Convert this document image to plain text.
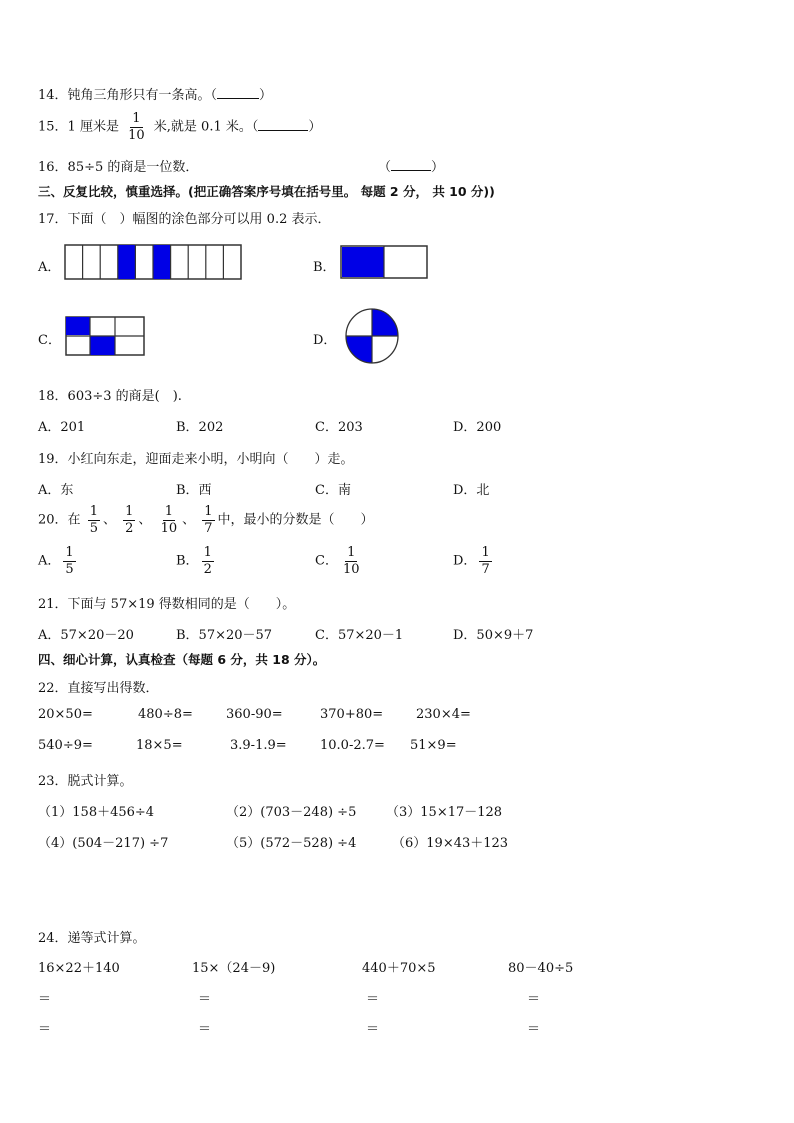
14．钝角三角形只有一条高。（	）
15．1 厘米是 $\frac{1}{10}$ 米,就是 0.1 米。（	）
16．85÷5 的商是一位数．	（	）
三、反复比较，慎重选择。(把正确答案序号填在括号里。 每题 2 分， 共 10 分))
17．下面（　）幅图的涂色部分可以用 0.2 表示．
A．	B．
C．	D．
18．603÷3 的商是(　).
A．201	B．202	C．203	D．200
19．小红向东走，迎面走来小明，小明向（　　）走。
A．东	B．西	C．南	D．北
20．在 $\frac{1}{5}$ 、 $\frac{1}{2}$ 、 $\frac{1}{10}$ 、 $\frac{1}{7}$ 中，最小的分数是（　　）
A． $\frac{1}{5}$	B． $\frac{1}{2}$	C． $\frac{1}{10}$	D． $\frac{1}{7}$
21．下面与 57×19 得数相同的是（　　）。
A．57×20－20	B．57×20－57	C．57×20－1	D．50×9＋7
四、细心计算，认真检查（每题 6 分，共 18 分）。
22．直接写出得数．
20×50=	480÷8=	360-90=	370+80=	230×4=
540÷9=	18×5=	3.9-1.9=	10.0-2.7= 51×9=
23．脱式计算。
（1）158＋456÷4	（2）(703－248) ÷5 （3）15×17－128
（4）(504－217) ÷7	（5）(572－528) ÷4	（6）19×43＋123
24．递等式计算。
16×22＋140	15×（24－9)	440＋70×5	80－40÷5
＝	＝	＝	＝
＝	＝	＝	＝
